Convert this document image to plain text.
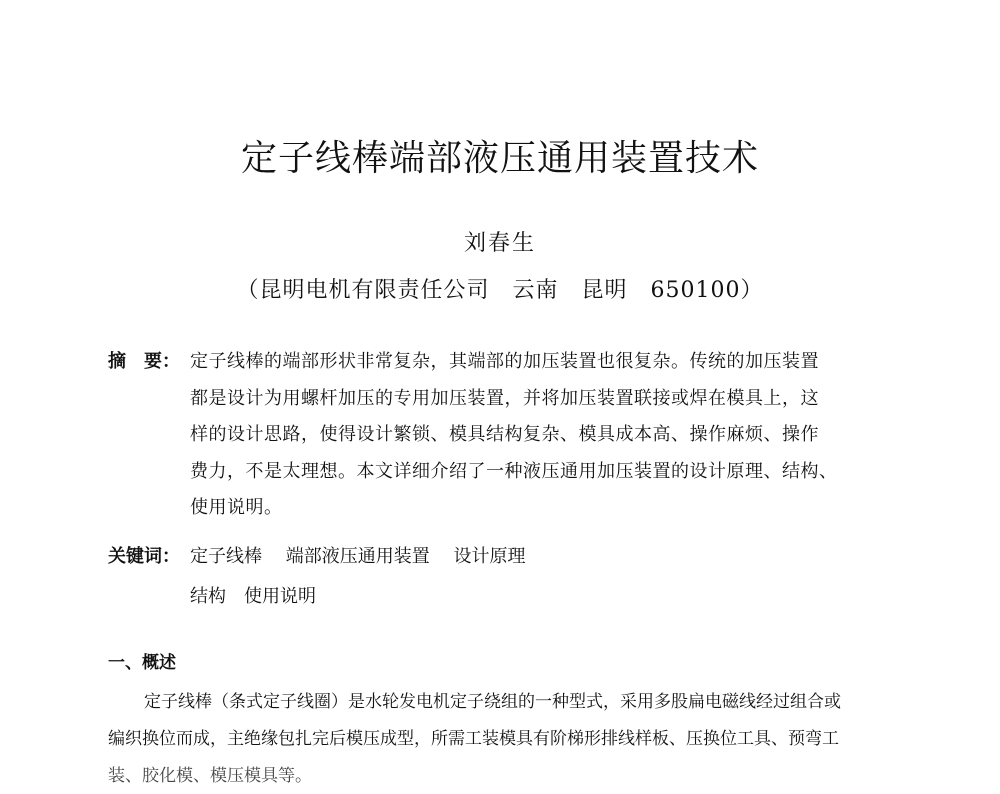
定子线棒端部液压通用装置技术
刘春生
（昆明电机有限责任公司　云南　昆明　650100）
摘　要： 定子线棒的端部形状非常复杂，其端部的加压装置也很复杂。传统的加压装置
都是设计为用螺杆加压的专用加压装置，并将加压装置联接或焊在模具上，这
样的设计思路，使得设计繁锁、模具结构复杂、模具成本高、操作麻烦、操作
费力，不是太理想。本文详细介绍了一种液压通用加压装置的设计原理、结构、
使用说明。
关键词： 定子线棒　 端部液压通用装置　 设计原理
结构　使用说明
一、概述
定子线棒（条式定子线圈）是水轮发电机定子绕组的一种型式，采用多股扁电磁线经过组合或
编织换位而成，主绝缘包扎完后模压成型，所需工装模具有阶梯形排线样板、压换位工具、预弯工
装、胶化模、模压模具等。
